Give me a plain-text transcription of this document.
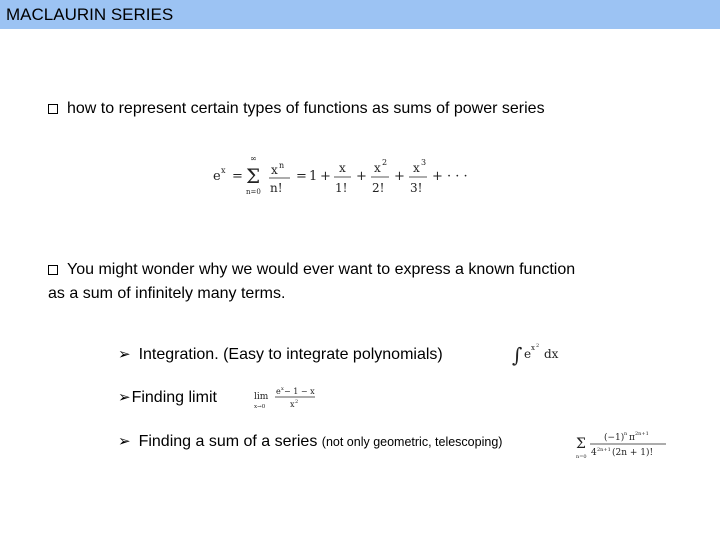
MACLAURIN SERIES
how to represent certain types of functions as sums of power series
e x =
∞
Σ
n=0
x n
n!
= 1 +
x
1!
+
x 2
2!
+
x 3
3!
+ · · ·
You might wonder why we would ever want to express a known function
as a sum of infinitely many terms.
➢ Integration. (Easy to integrate polynomials)	∫ e x 2
dx
➢Finding limit	lim
x→0
e x − 1 − x
x 2
➢ Finding a sum of a series (not only geometric, telescoping)	Σ
n=0
(−1) n π 2n+1
4 2n+1 (2n + 1)!
